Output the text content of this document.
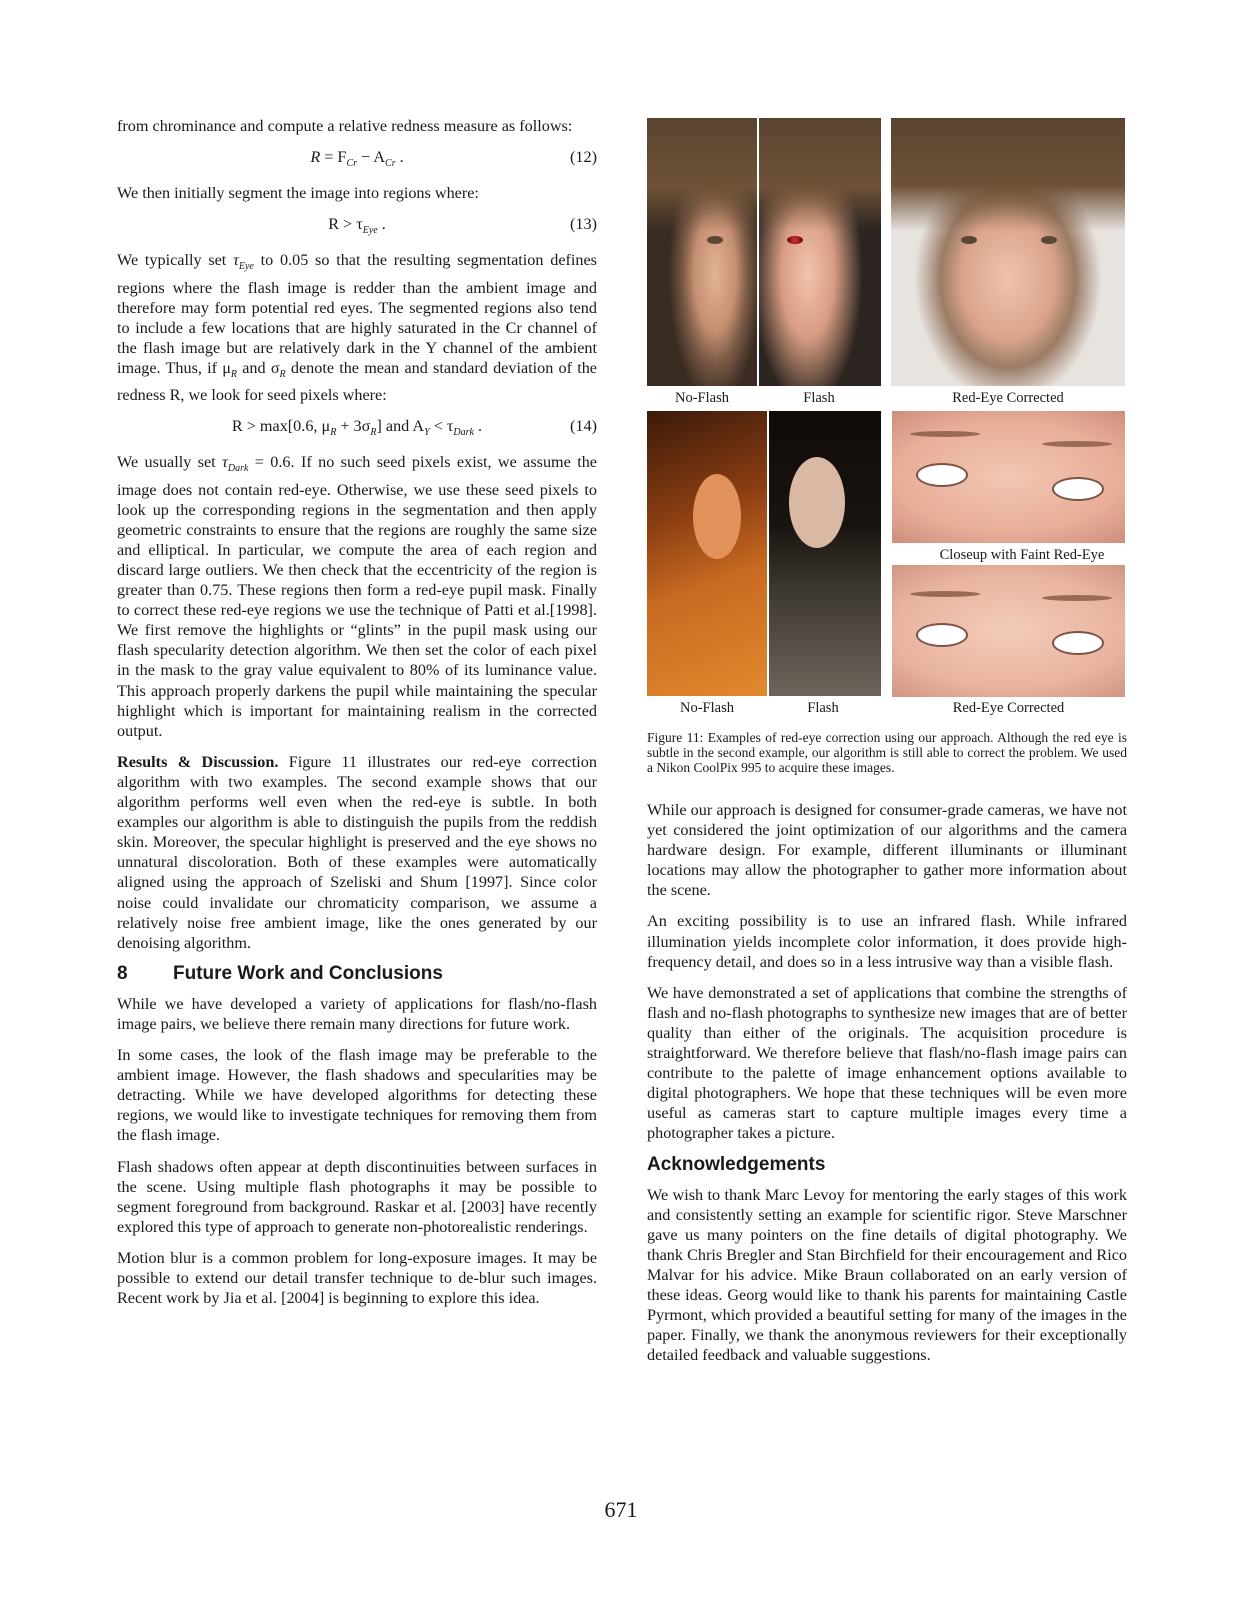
from chrominance and compute a relative redness measure as follows:

$R = F_{Cr} - A_{Cr}$ .	(12)

We then initially segment the image into regions where:

$R > \tau_{Eye}$ .	(13)

We typically set $\tau_{Eye}$ to 0.05 so that the resulting segmentation defines regions where the flash image is redder than the ambient image and therefore may form potential red eyes. The segmented regions also tend to include a few locations that are highly saturated in the Cr channel of the flash image but are relatively dark in the Y channel of the ambient image. Thus, if $\mu_R$ and $\sigma_R$ denote the mean and standard deviation of the redness R, we look for seed pixels where:

R > max[0.6, $\mu_R + 3\sigma_R$] and $A_Y < \tau_{Dark}$ .	(14)

We usually set $\tau_{Dark} = 0.6$. If no such seed pixels exist, we assume the image does not contain red-eye. Otherwise, we use these seed pixels to look up the corresponding regions in the segmentation and then apply geometric constraints to ensure that the regions are roughly the same size and elliptical. In particular, we compute the area of each region and discard large outliers. We then check that the eccentricity of the region is greater than 0.75. These regions then form a red-eye pupil mask. Finally to correct these red-eye regions we use the technique of Patti et al.[1998]. We first remove the highlights or “glints” in the pupil mask using our flash specularity detection algorithm. We then set the color of each pixel in the mask to the gray value equivalent to 80% of its luminance value. This approach properly darkens the pupil while maintaining the specular highlight which is important for maintaining realism in the corrected output.

Results & Discussion. Figure 11 illustrates our red-eye correction algorithm with two examples. The second example shows that our algorithm performs well even when the red-eye is subtle. In both examples our algorithm is able to distinguish the pupils from the reddish skin. Moreover, the specular highlight is preserved and the eye shows no unnatural discoloration. Both of these examples were automatically aligned using the approach of Szeliski and Shum [1997]. Since color noise could invalidate our chromaticity comparison, we assume a relatively noise free ambient image, like the ones generated by our denoising algorithm.

8 Future Work and Conclusions

While we have developed a variety of applications for flash/no-flash image pairs, we believe there remain many directions for future work.

In some cases, the look of the flash image may be preferable to the ambient image. However, the flash shadows and specularities may be detracting. While we have developed algorithms for detecting these regions, we would like to investigate techniques for removing them from the flash image.

Flash shadows often appear at depth discontinuities between surfaces in the scene. Using multiple flash photographs it may be possible to segment foreground from background. Raskar et al. [2003] have recently explored this type of approach to generate non-photorealistic renderings.

Motion blur is a common problem for long-exposure images. It may be possible to extend our detail transfer technique to de-blur such images. Recent work by Jia et al. [2004] is beginning to explore this idea.

No-Flash	Flash	Red-Eye Corrected
Closeup with Faint Red-Eye
No-Flash	Flash	Red-Eye Corrected
Figure 11: Examples of red-eye correction using our approach. Although the red eye is subtle in the second example, our algorithm is still able to correct the problem. We used a Nikon CoolPix 995 to acquire these images.

While our approach is designed for consumer-grade cameras, we have not yet considered the joint optimization of our algorithms and the camera hardware design. For example, different illuminants or illuminant locations may allow the photographer to gather more information about the scene.

An exciting possibility is to use an infrared flash. While infrared illumination yields incomplete color information, it does provide high-frequency detail, and does so in a less intrusive way than a visible flash.

We have demonstrated a set of applications that combine the strengths of flash and no-flash photographs to synthesize new images that are of better quality than either of the originals. The acquisition procedure is straightforward. We therefore believe that flash/no-flash image pairs can contribute to the palette of image enhancement options available to digital photographers. We hope that these techniques will be even more useful as cameras start to capture multiple images every time a photographer takes a picture.

Acknowledgements

We wish to thank Marc Levoy for mentoring the early stages of this work and consistently setting an example for scientific rigor. Steve Marschner gave us many pointers on the fine details of digital photography. We thank Chris Bregler and Stan Birchfield for their encouragement and Rico Malvar for his advice. Mike Braun collaborated on an early version of these ideas. Georg would like to thank his parents for maintaining Castle Pyrmont, which provided a beautiful setting for many of the images in the paper. Finally, we thank the anonymous reviewers for their exceptionally detailed feedback and valuable suggestions.

671
